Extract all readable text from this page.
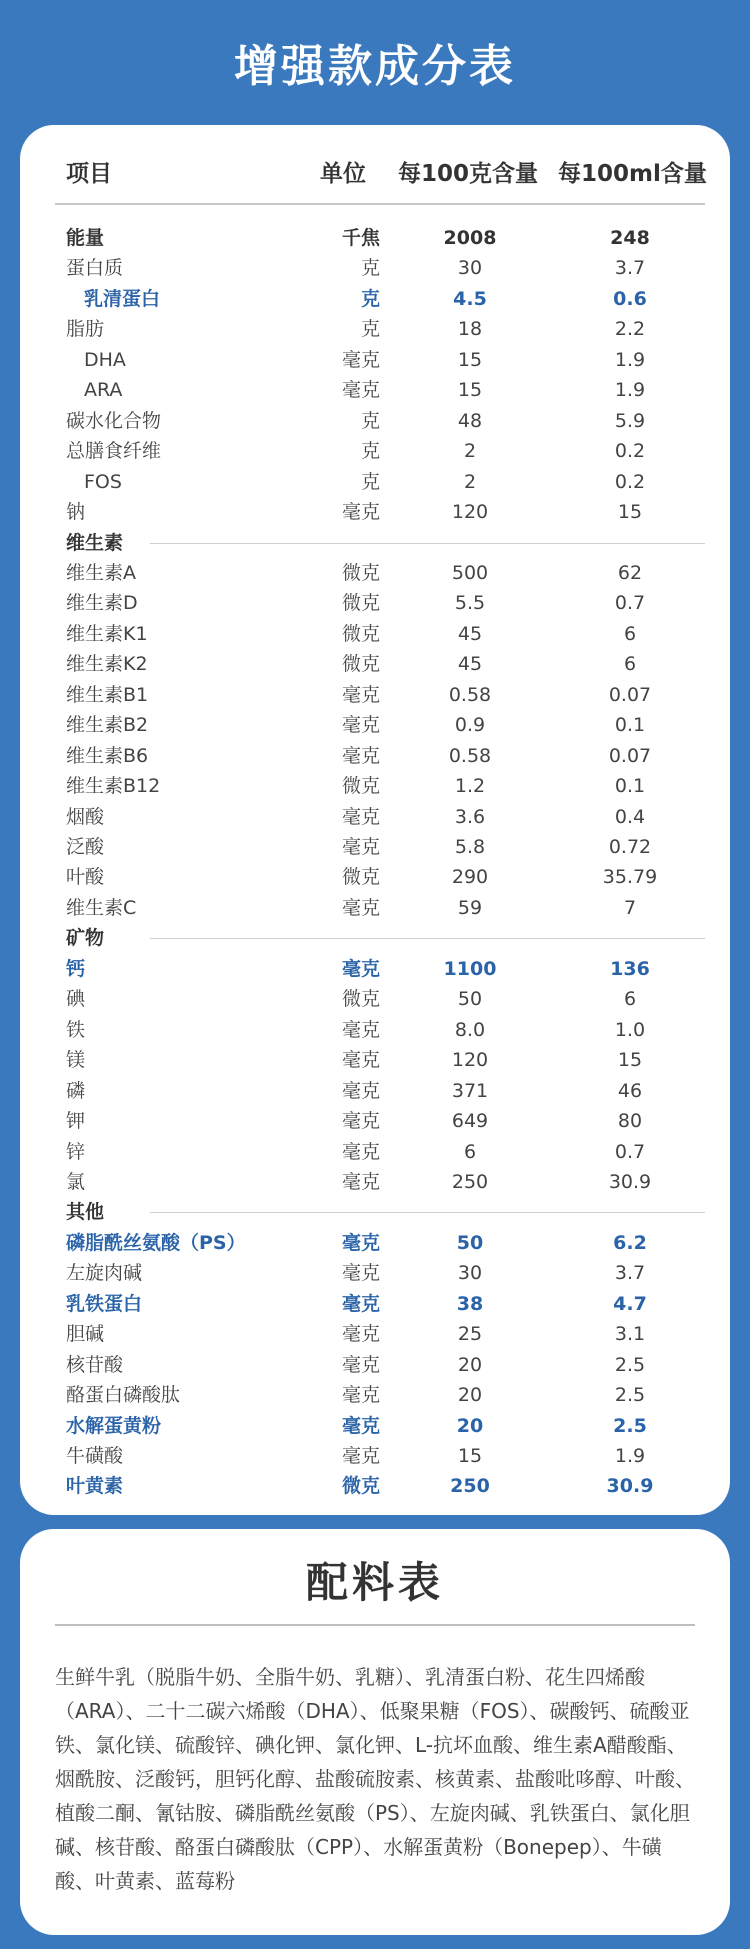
增强款成分表
项目	单位 每100克含量 每100ml含量
能量	千焦	2008	248
蛋白质	克	30	3.7
乳清蛋白	克	4.5	0.6
脂肪	克	18	2.2
DHA	毫克	15	1.9
ARA	毫克	15	1.9
碳水化合物	克	48	5.9
总膳食纤维	克	2	0.2
FOS	克	2	0.2
钠	毫克	120	15
维生素
维生素A	微克	500	62
维生素D	微克	5.5	0.7
维生素K1	微克	45	6
维生素K2	微克	45	6
维生素B1	毫克	0.58	0.07
维生素B2	毫克	0.9	0.1
维生素B6	毫克	0.58	0.07
维生素B12	微克	1.2	0.1
烟酸	毫克	3.6	0.4
泛酸	毫克	5.8	0.72
叶酸	微克	290	35.79
维生素C	毫克	59	7
矿物
钙	毫克	1100	136
碘	微克	50	6
铁	毫克	8.0	1.0
镁	毫克	120	15
磷	毫克	371	46
钾	毫克	649	80
锌	毫克	6	0.7
氯	毫克	250	30.9
其他
磷脂酰丝氨酸（PS）	毫克	50	6.2
左旋肉碱	毫克	30	3.7
乳铁蛋白	毫克	38	4.7
胆碱	毫克	25	3.1
核苷酸	毫克	20	2.5
酪蛋白磷酸肽	毫克	20	2.5
水解蛋黄粉	毫克	20	2.5
牛磺酸	毫克	15	1.9
叶黄素	微克	250	30.9
配料表
生鲜牛乳（脱脂牛奶、全脂牛奶、乳糖）、乳清蛋白粉、花生四烯酸（ARA）、二十二碳六烯酸（DHA）、低聚果糖（FOS）、碳酸钙、硫酸亚铁、氯化镁、硫酸锌、碘化钾、氯化钾、L-抗坏血酸、维生素A醋酸酯、烟酰胺、泛酸钙，胆钙化醇、盐酸硫胺素、核黄素、盐酸吡哆醇、叶酸、植酸二酮、氰钴胺、磷脂酰丝氨酸（PS）、左旋肉碱、乳铁蛋白、氯化胆碱、核苷酸、酪蛋白磷酸肽（CPP）、水解蛋黄粉（Bonepep）、牛磺酸、叶黄素、蓝莓粉
